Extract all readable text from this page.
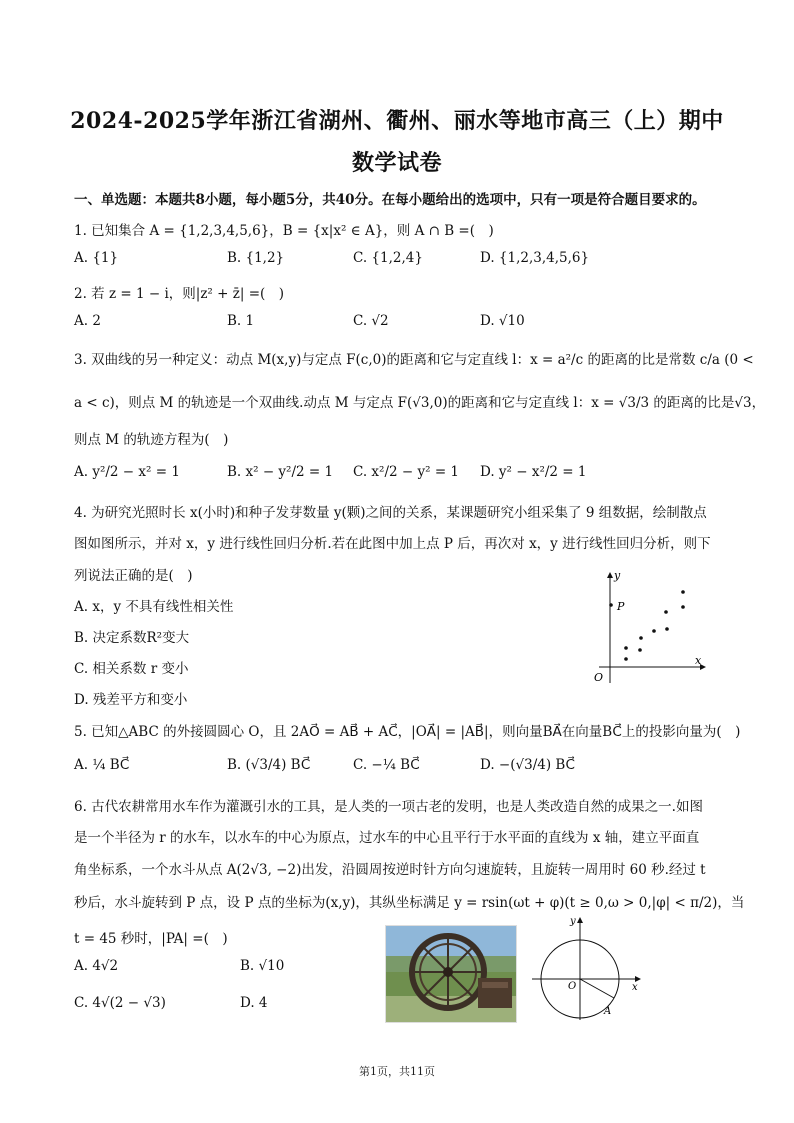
2024-2025学年浙江省湖州、衢州、丽水等地市高三（上）期中
数学试卷
一、单选题：本题共8小题，每小题5分，共40分。在每小题给出的选项中，只有一项是符合题目要求的。
1. 已知集合 A = {1,2,3,4,5,6}，B = {x|x² ∈ A}，则 A ∩ B =(　)
A. {1}	B. {1,2}	C. {1,2,4}	D. {1,2,3,4,5,6}
2. 若 z = 1 − i，则|z² + z̄| =(　)
A. 2	B. 1	C. √2	D. √10
3. 双曲线的另一种定义：动点 M(x,y)与定点 F(c,0)的距离和它与定直线 l：x = a²/c 的距离的比是常数 c/a (0 <
a < c)，则点 M 的轨迹是一个双曲线.动点 M 与定点 F(√3,0)的距离和它与定直线 l：x = √3/3 的距离的比是√3，
则点 M 的轨迹方程为(　)
A. y²/2 − x² = 1	B. x² − y²/2 = 1 C. x²/2 − y² = 1 D. y² − x²/2 = 1
4. 为研究光照时长 x(小时)和种子发芽数量 y(颗)之间的关系，某课题研究小组采集了 9 组数据，绘制散点
图如图所示，并对 x，y 进行线性回归分析.若在此图中加上点 P 后，再次对 x，y 进行线性回归分析，则下
列说法正确的是(　)
A. x，y 不具有线性相关性
B. 决定系数R²变大
C. 相关系数 r 变小
D. 残差平方和变小
y
x
O
P
5. 已知△ABC 的外接圆圆心 O，且 2AO⃗ = AB⃗ + AC⃗，|OA⃗| = |AB⃗|，则向量BA⃗在向量BC⃗上的投影向量为(　)
A. ¼ BC⃗	B. (√3/4) BC⃗	C. −¼ BC⃗	D. −(√3/4) BC⃗
6. 古代农耕常用水车作为灌溉引水的工具，是人类的一项古老的发明，也是人类改造自然的成果之一.如图
是一个半径为 r 的水车，以水车的中心为原点，过水车的中心且平行于水平面的直线为 x 轴，建立平面直
角坐标系，一个水斗从点 A(2√3, −2)出发，沿圆周按逆时针方向匀速旋转，且旋转一周用时 60 秒.经过 t
秒后，水斗旋转到 P 点，设 P 点的坐标为(x,y)，其纵坐标满足 y = rsin(ωt + φ)(t ≥ 0,ω > 0,|φ| < π/2)，当
t = 45 秒时，|PA| =(　)
A. 4√2	B. √10
C. 4√(2 − √3)	D. 4
y
x
O
A
第1页，共11页
